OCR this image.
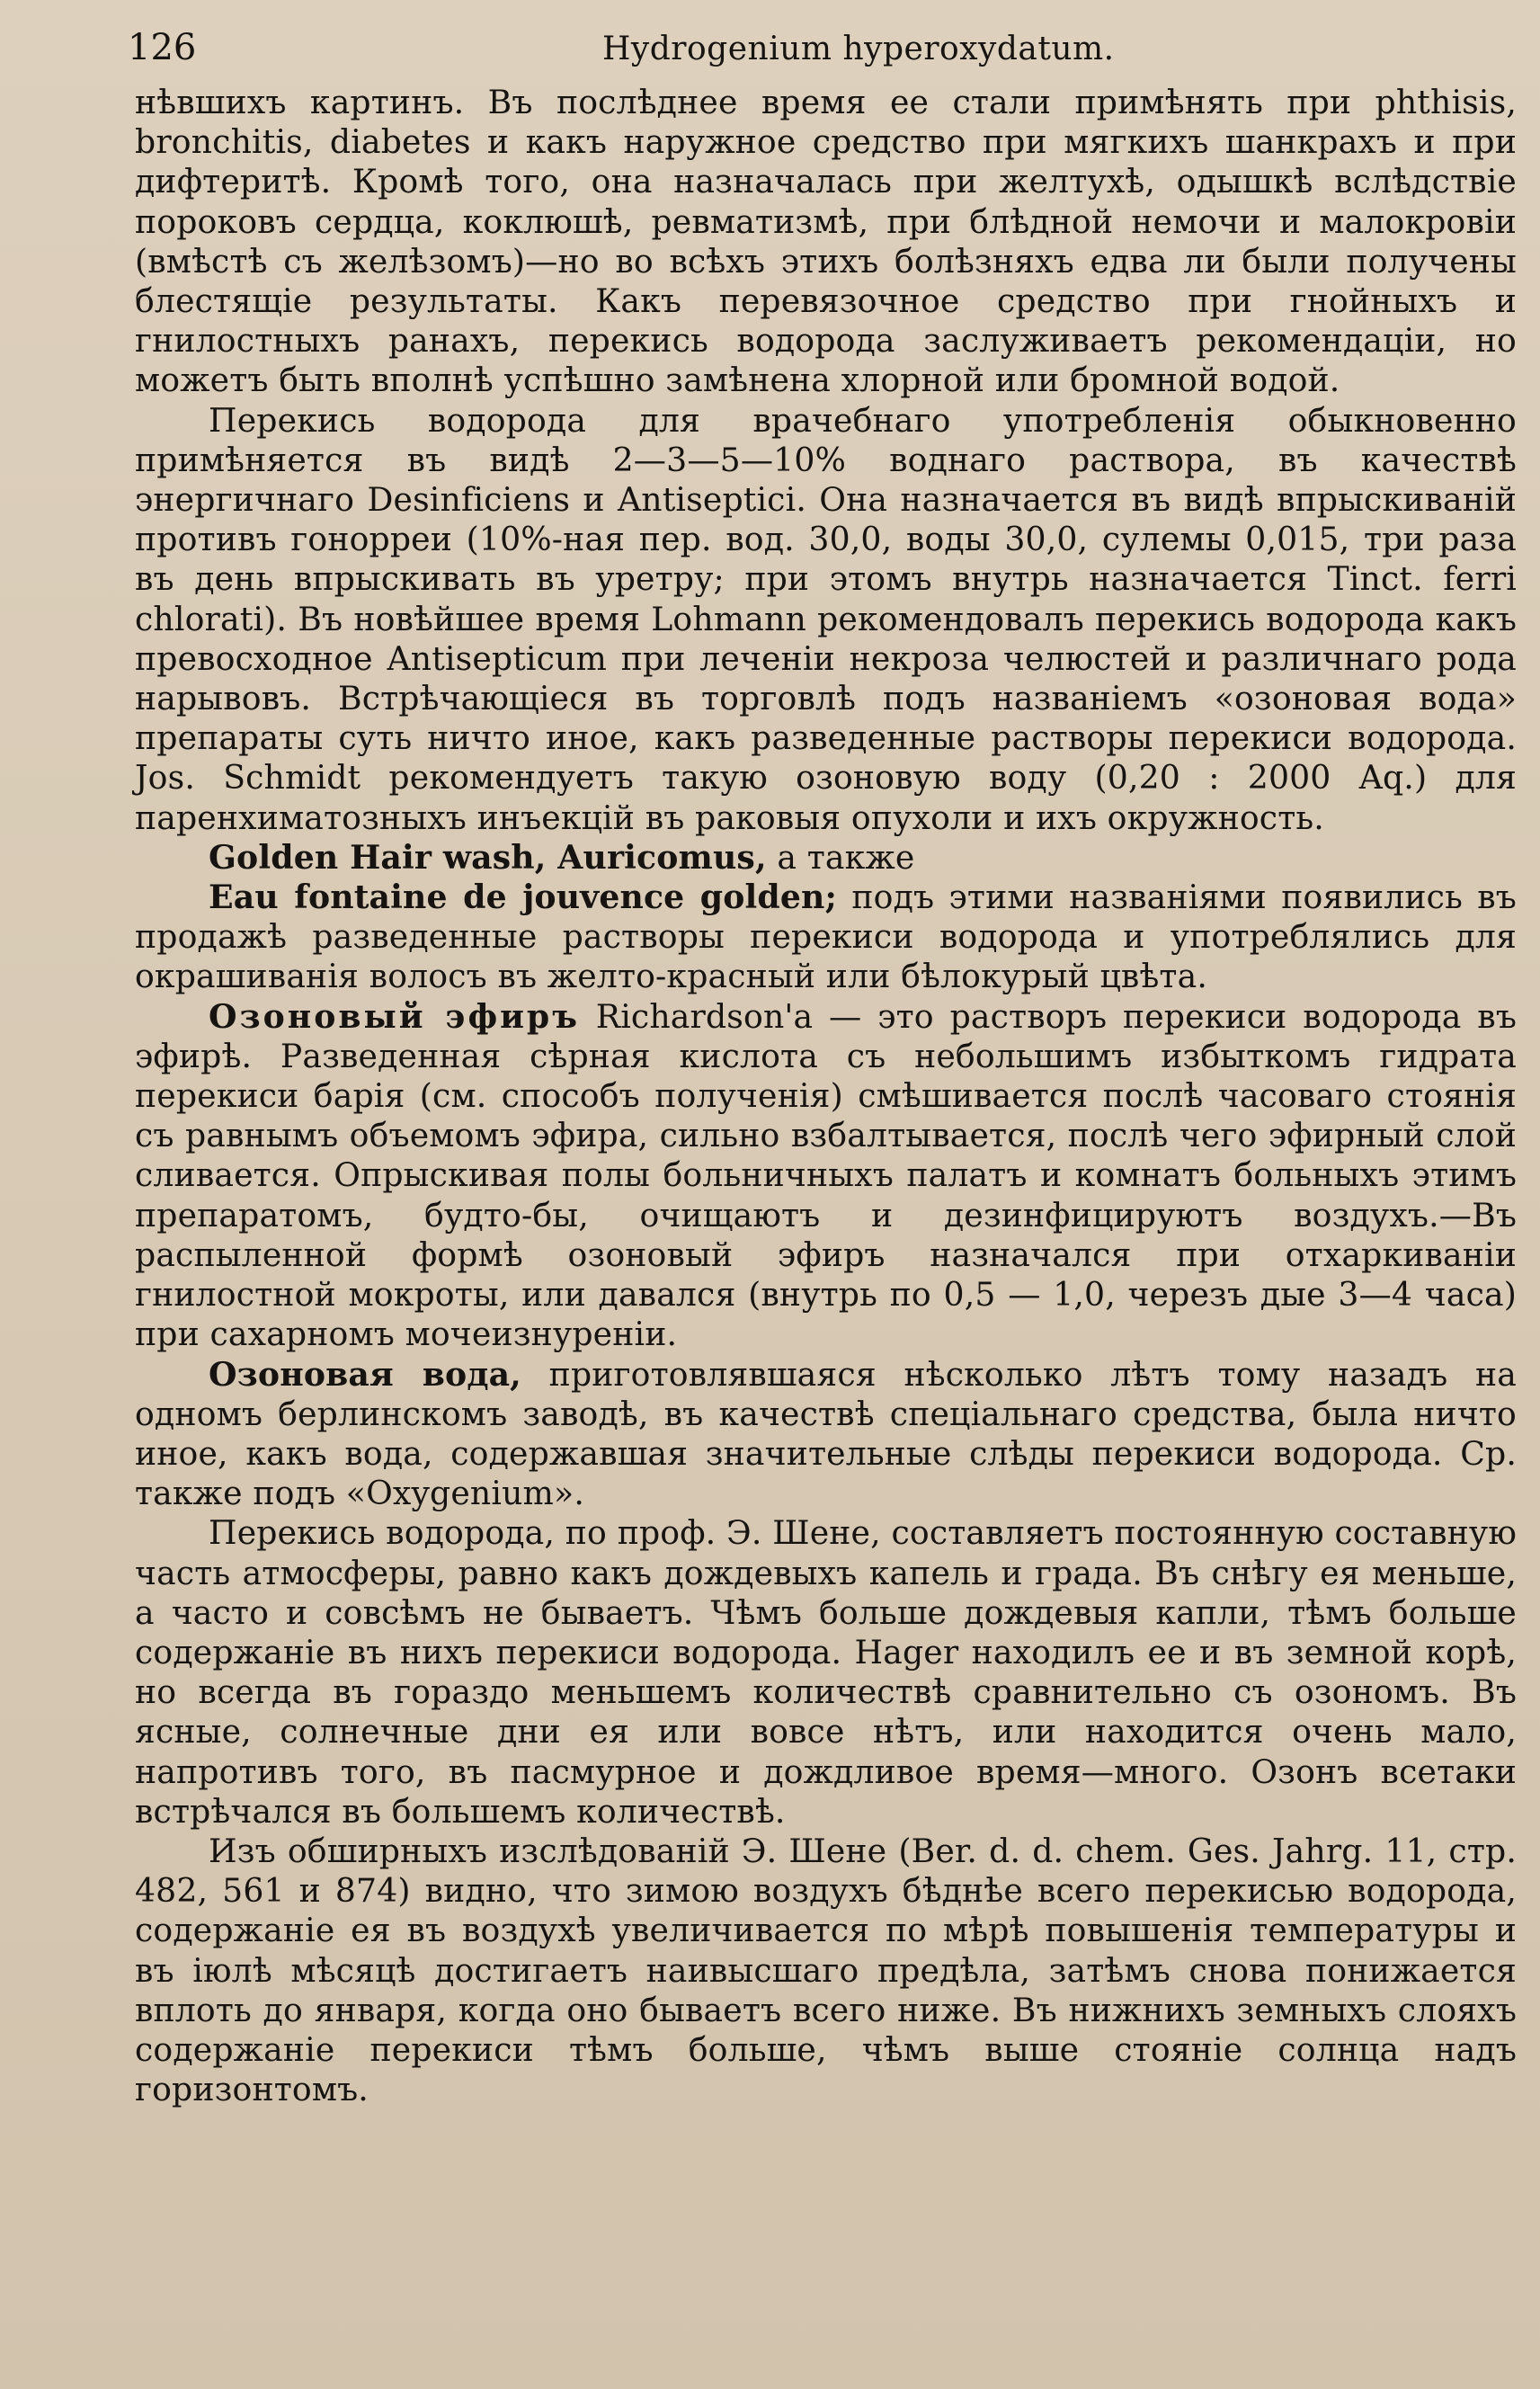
126	Hydrogenium hyperoxydatum.

нѣвшихъ картинъ. Въ послѣднее время ее стали примѣнять при phthisis, bronchitis, diabetes и какъ наружное средство при мягкихъ шанкрахъ и при дифтеритѣ. Кромѣ того, она назначалась при желтухѣ, одышкѣ вслѣдствіе пороковъ сердца, коклюшѣ, ревматизмѣ, при блѣдной немочи и малокровіи (вмѣстѣ съ желѣзомъ)—но во всѣхъ этихъ болѣзняхъ едва ли были получены блестящіе результаты. Какъ перевязочное средство при гнойныхъ и гнилостныхъ ранахъ, перекись водорода заслуживаетъ рекомендаціи, но можетъ быть вполнѣ успѣшно замѣнена хлорной или бромной водой.

Перекись водорода для врачебнаго употребленія обыкновенно примѣняется въ видѣ 2—3—5—10% воднаго раствора, въ качествѣ энергичнаго Desinficiens и Antiseptici. Она назначается въ видѣ впрыскиваній противъ гонорреи (10%-ная пер. вод. 30,0, воды 30,0, сулемы 0,015, три раза въ день впрыскивать въ уретру; при этомъ внутрь назначается Tinct. ferri chlorati). Въ новѣйшее время Lohmann рекомендовалъ перекись водорода какъ превосходное Antisepticum при леченіи некроза челюстей и различнаго рода нарывовъ. Встрѣчающіеся въ торговлѣ подъ названіемъ «озоновая вода» препараты суть ничто иное, какъ разведенные растворы перекиси водорода. Jos. Schmidt рекомендуетъ такую озоновую воду (0,20 : 2000 Aq.) для паренхиматозныхъ инъекцій въ раковыя опухоли и ихъ окружность.

Golden Hair wash, Auricomus, а также

Eau fontaine de jouvence golden; подъ этими названіями появились въ продажѣ разведенные растворы перекиси водорода и употреблялись для окрашиванія волосъ въ желто-красный или бѣлокурый цвѣта.

Озоновый эфиръ Richardson'a — это растворъ перекиси водорода въ эфирѣ. Разведенная сѣрная кислота съ небольшимъ избыткомъ гидрата перекиси барія (см. способъ полученія) смѣшивается послѣ часоваго стоянія съ равнымъ объемомъ эфира, сильно взбалтывается, послѣ чего эфирный слой сливается. Опрыскивая полы больничныхъ палатъ и комнатъ больныхъ этимъ препаратомъ, будто-бы, очищаютъ и дезинфицируютъ воздухъ.—Въ распыленной формѣ озоновый эфиръ назначался при отхаркиваніи гнилостной мокроты, или давался (внутрь по 0,5 — 1,0, черезъ дые 3—4 часа) при сахарномъ мочеизнуреніи.

Озоновая вода, приготовлявшаяся нѣсколько лѣтъ тому назадъ на одномъ берлинскомъ заводѣ, въ качествѣ спеціальнаго средства, была ничто иное, какъ вода, содержавшая значительные слѣды перекиси водорода. Ср. также подъ «Oxygenium».

Перекись водорода, по проф. Э. Шене, составляетъ постоянную составную часть атмосферы, равно какъ дождевыхъ капель и града. Въ снѣгу ея меньше, а часто и совсѣмъ не бываетъ. Чѣмъ больше дождевыя капли, тѣмъ больше содержаніе въ нихъ перекиси водорода. Hager находилъ ее и въ земной корѣ, но всегда въ гораздо меньшемъ количествѣ сравнительно съ озономъ. Въ ясные, солнечные дни ея или вовсе нѣтъ, или находится очень мало, напротивъ того, въ пасмурное и дождливое время—много. Озонъ всетаки встрѣчался въ большемъ количествѣ.

Изъ обширныхъ изслѣдованій Э. Шене (Ber. d. d. chem. Ges. Jahrg. 11, стр. 482, 561 и 874) видно, что зимою воздухъ бѣднѣе всего перекисью водорода, содержаніе ея въ воздухѣ увеличивается по мѣрѣ повышенія температуры и въ іюлѣ мѣсяцѣ достигаетъ наивысшаго предѣла, затѣмъ снова понижается вплоть до января, когда оно бываетъ всего ниже. Въ нижнихъ земныхъ слояхъ содержаніе перекиси тѣмъ больше, чѣмъ выше стояніе солнца надъ горизонтомъ.
